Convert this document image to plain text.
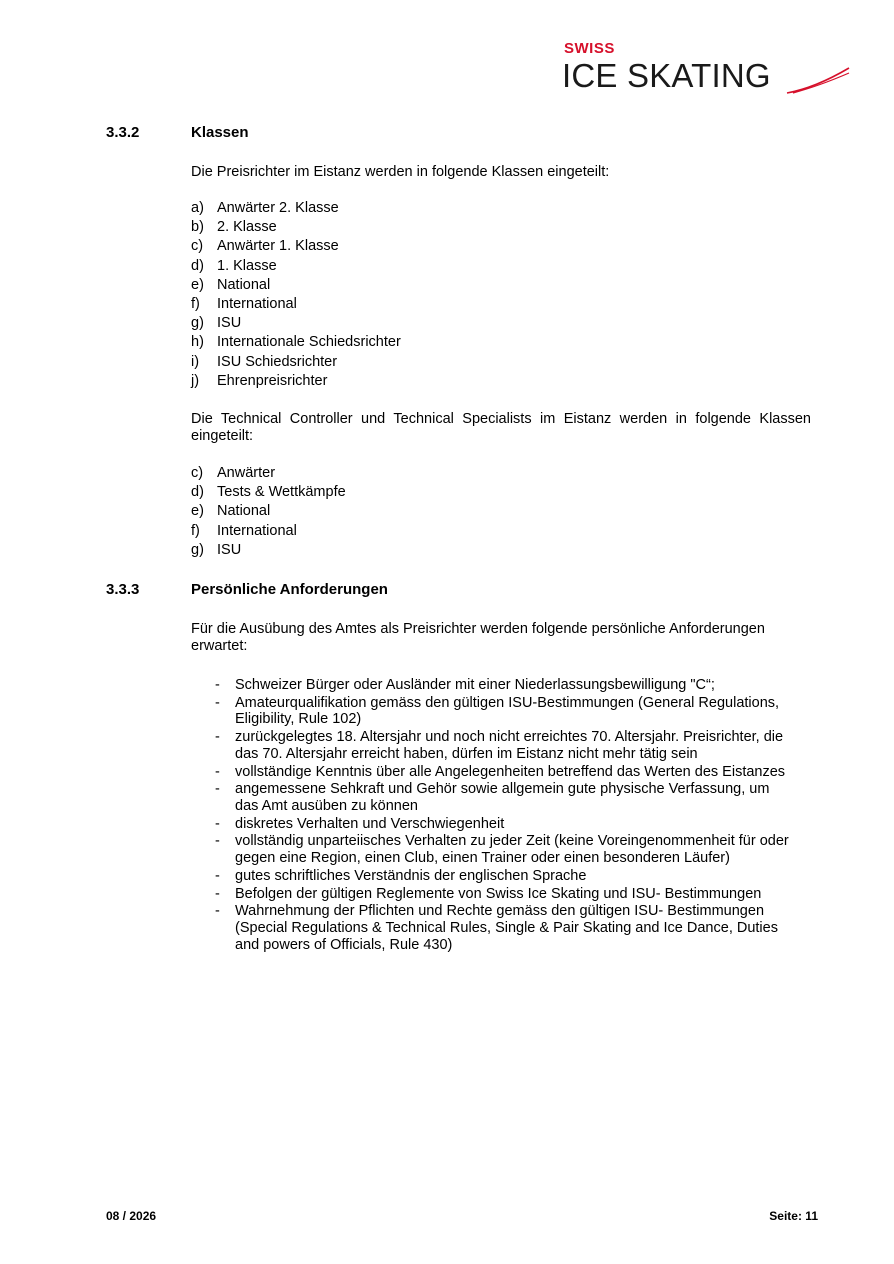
SWISS
ICE SKATING
3.3.2	Klassen
Die Preisrichter im Eistanz werden in folgende Klassen eingeteilt:
a) Anwärter 2. Klasse
b) 2. Klasse
c) Anwärter 1. Klasse
d) 1. Klasse
e) National
f) International
g) ISU
h) Internationale Schiedsrichter
i) ISU Schiedsrichter
j) Ehrenpreisrichter
Die Technical Controller und Technical Specialists im Eistanz werden in folgende Klassen eingeteilt:
c) Anwärter
d) Tests & Wettkämpfe
e) National
f) International
g) ISU
3.3.3	Persönliche Anforderungen
Für die Ausübung des Amtes als Preisrichter werden folgende persönliche Anforderungen erwartet:
- Schweizer Bürger oder Ausländer mit einer Niederlassungsbewilligung "C“;
- Amateurqualifikation gemäss den gültigen ISU-Bestimmungen (General Regulations, Eligibility, Rule 102)
- zurückgelegtes 18. Altersjahr und noch nicht erreichtes 70. Altersjahr. Preisrichter, die das 70. Altersjahr erreicht haben, dürfen im Eistanz nicht mehr tätig sein
- vollständige Kenntnis über alle Angelegenheiten betreffend das Werten des Eistanzes
- angemessene Sehkraft und Gehör sowie allgemein gute physische Verfassung, um das Amt ausüben zu können
- diskretes Verhalten und Verschwiegenheit
- vollständig unparteiisches Verhalten zu jeder Zeit (keine Voreingenommenheit für oder gegen eine Region, einen Club, einen Trainer oder einen besonderen Läufer)
- gutes schriftliches Verständnis der englischen Sprache
- Befolgen der gültigen Reglemente von Swiss Ice Skating und ISU- Bestimmungen
- Wahrnehmung der Pflichten und Rechte gemäss den gültigen ISU- Bestimmungen (Special Regulations & Technical Rules, Single & Pair Skating and Ice Dance, Duties and powers of Officials, Rule 430)
08 / 2026	Seite: 11
